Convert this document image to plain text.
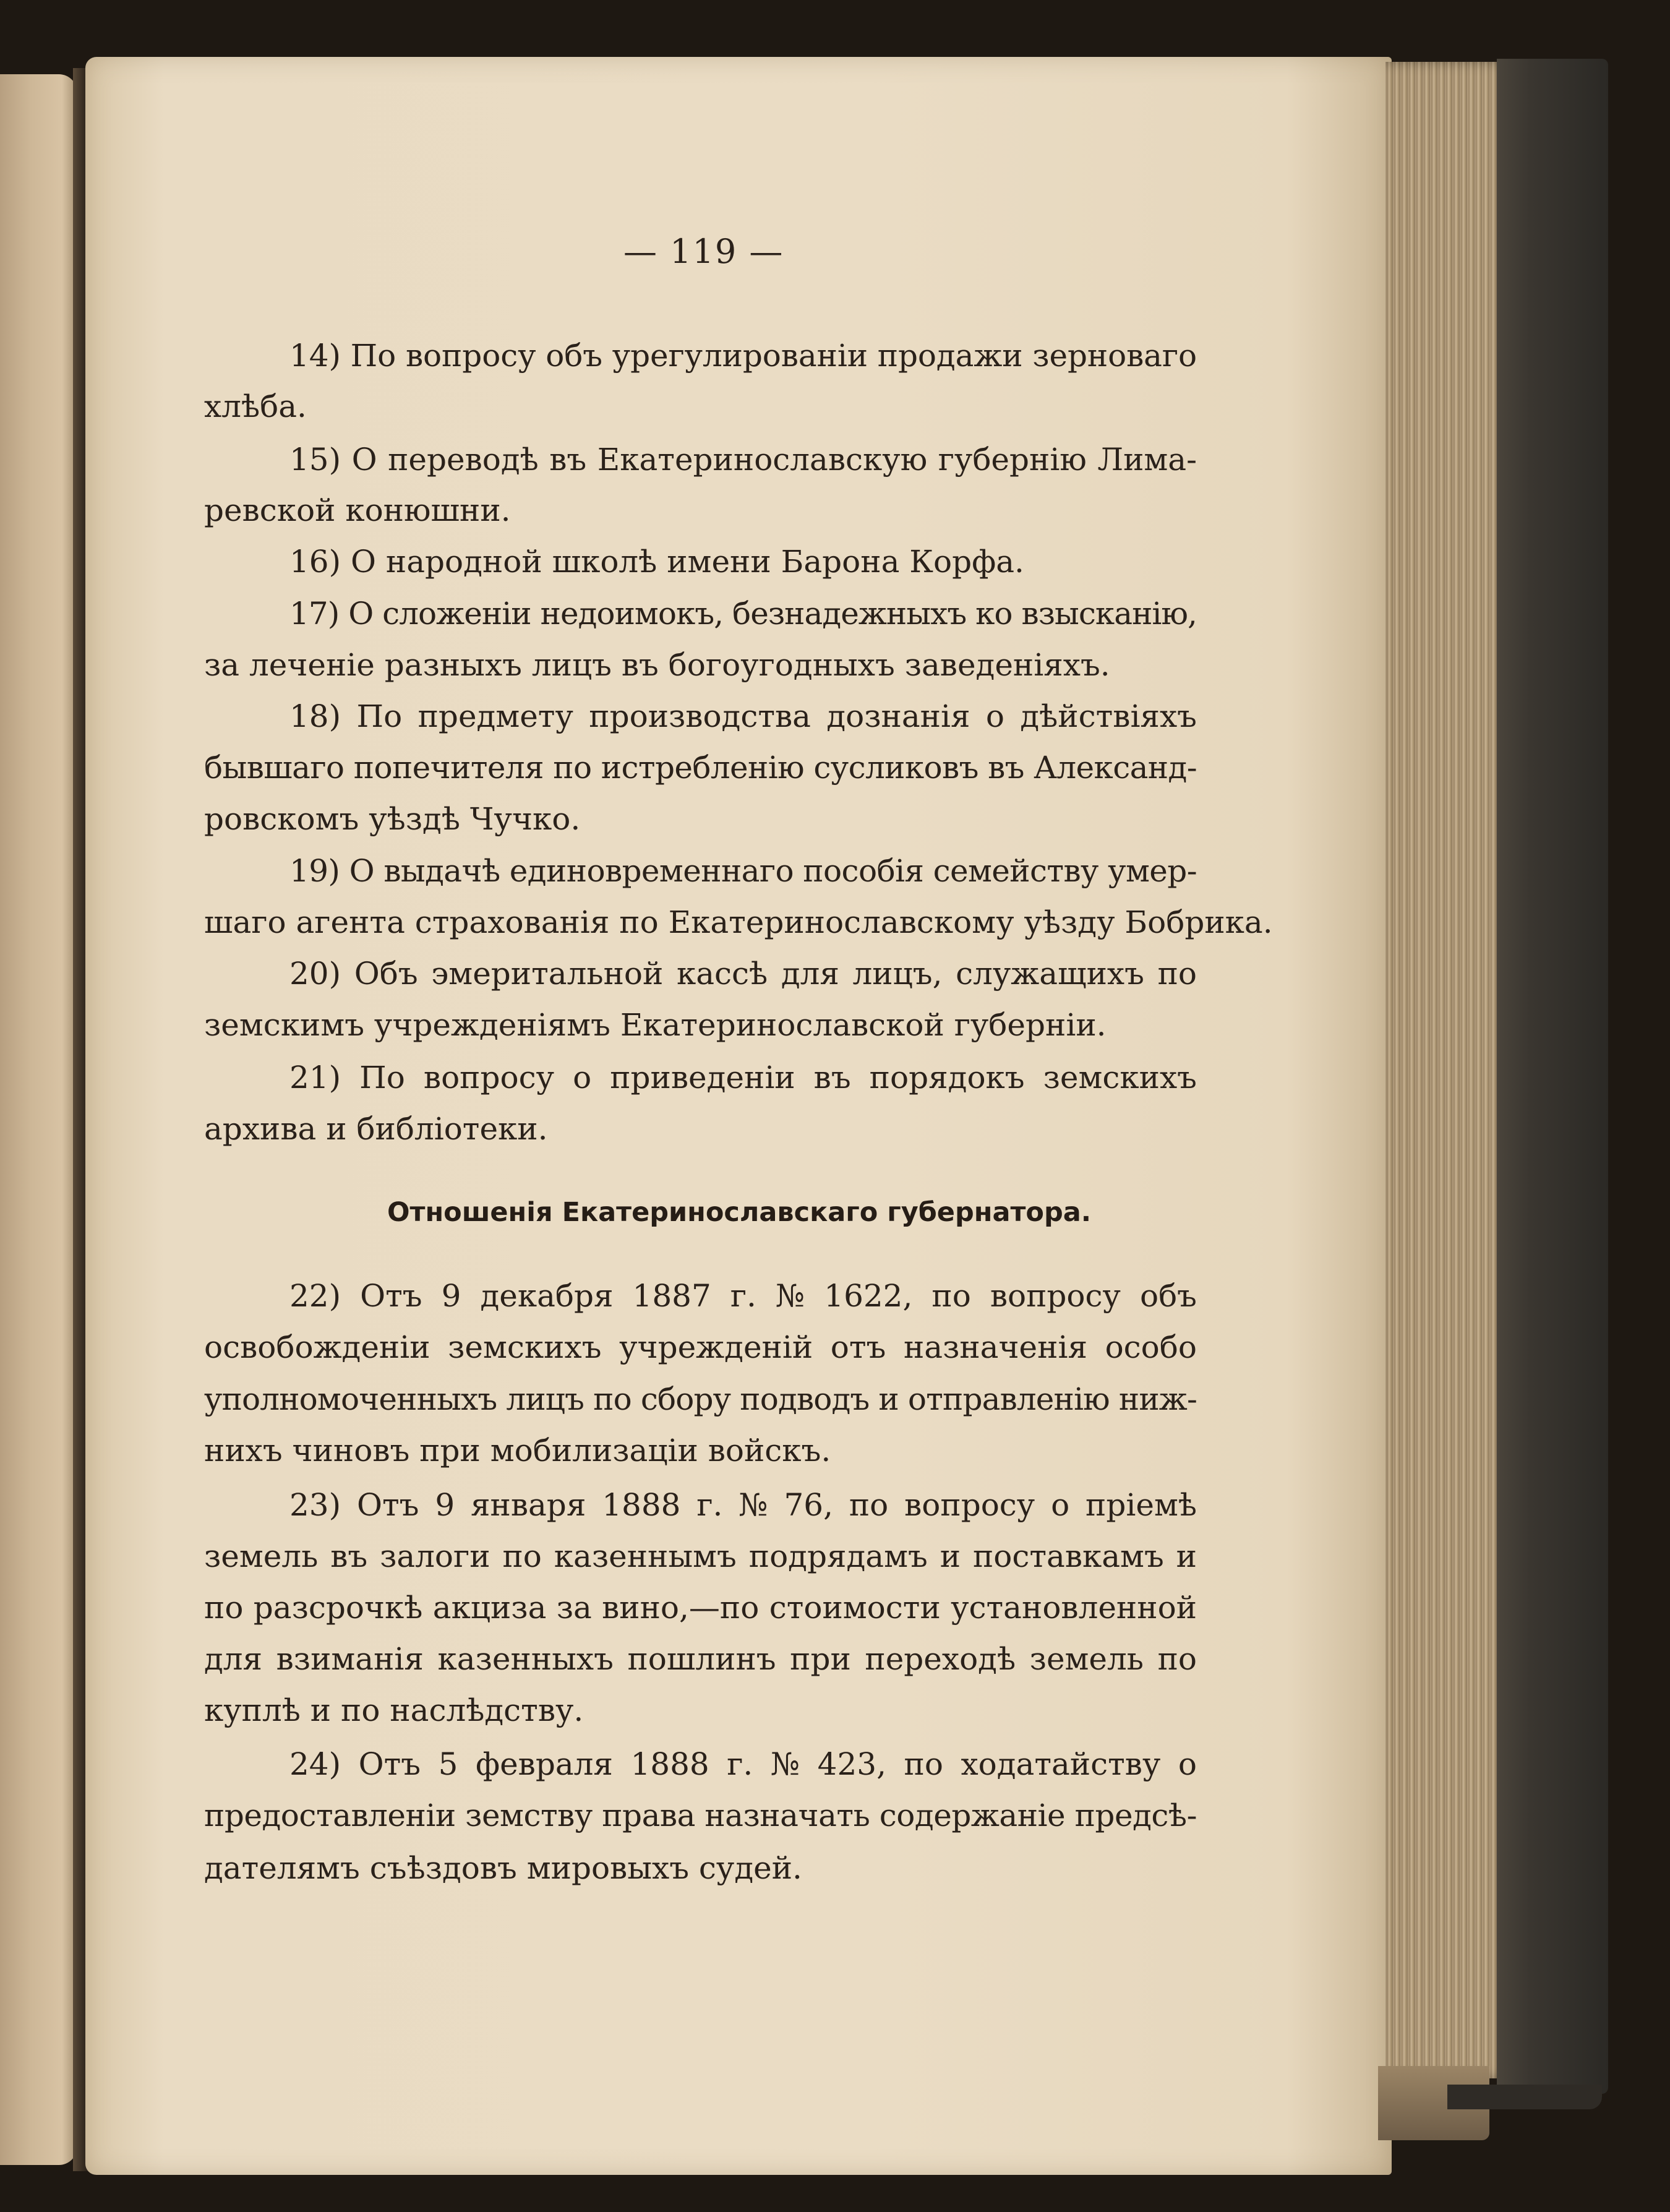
— 119 —
14) По вопросу объ урегулированіи продажи зерноваго
хлѣба.
15) О переводѣ въ Екатеринославскую губернію Лима-
ревской конюшни.
16) О народной школѣ имени Барона Корфа.
17) О сложеніи недоимокъ, безнадежныхъ ко взысканію,
за леченіе разныхъ лицъ въ богоугодныхъ заведеніяхъ.
18) По предмету производства дознанія о дѣйствіяхъ
бывшаго попечителя по истребленію сусликовъ въ Александ-
ровскомъ уѣздѣ Чучко.
19) О выдачѣ единовременнаго пособія семейству умер-
шаго агента страхованія по Екатеринославскому уѣзду Бобрика.
20) Объ эмеритальной кассѣ для лицъ, служащихъ по
земскимъ учрежденіямъ Екатеринославской губерніи.
21) По вопросу о приведеніи въ порядокъ земскихъ
архива и библіотеки.
Отношенія Екатеринославскаго губернатора.
22) Отъ 9 декабря 1887 г. № 1622, по вопросу объ
освобожденіи земскихъ учрежденій отъ назначенія особо
уполномоченныхъ лицъ по сбору подводъ и отправленію ниж-
нихъ чиновъ при мобилизаціи войскъ.
23) Отъ 9 января 1888 г. № 76, по вопросу о пріемѣ
земель въ залоги по казеннымъ подрядамъ и поставкамъ и
по разсрочкѣ акциза за вино,—по стоимости установленной
для взиманія казенныхъ пошлинъ при переходѣ земель по
куплѣ и по наслѣдству.
24) Отъ 5 февраля 1888 г. № 423, по ходатайству о
предоставленіи земству права назначать содержаніе предсѣ-
дателямъ съѣздовъ мировыхъ судей.
